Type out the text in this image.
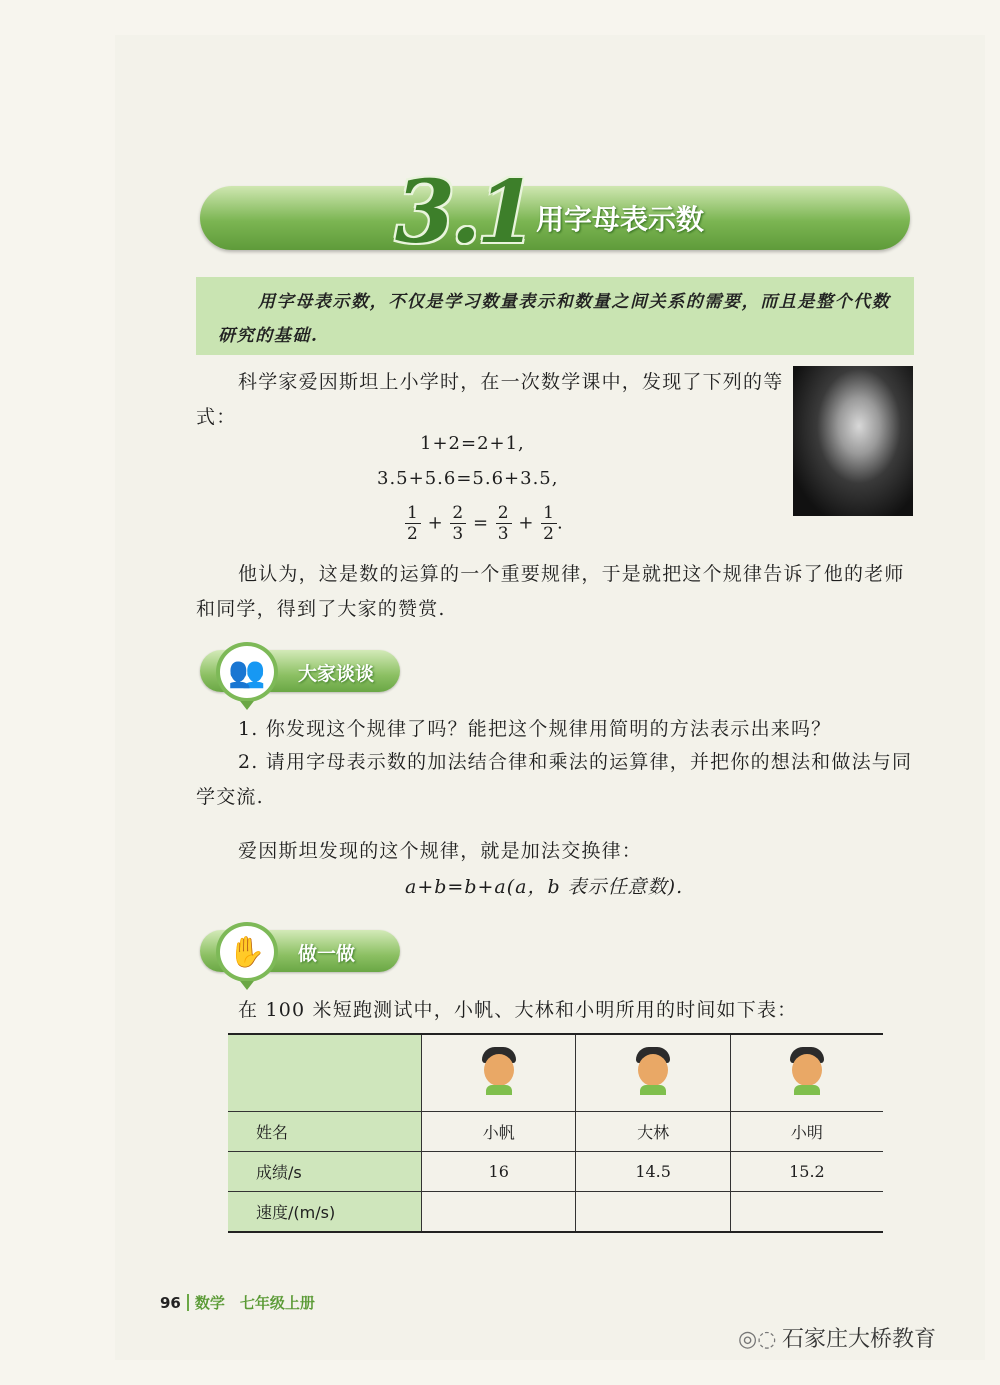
3.1 用字母表示数

用字母表示数，不仅是学习数量表示和数量之间关系的需要，而且是整个代数研究的基础.

科学家爱因斯坦上小学时，在一次数学课中，发现了下列的等式：

1+2=2+1,
3.5+5.6=5.6+3.5,
$\frac{1}{2} + \frac{2}{3} = \frac{2}{3} + \frac{1}{2}$ .

他认为，这是数的运算的一个重要规律，于是就把这个规律告诉了他的老师和同学，得到了大家的赞赏.

👥	大家谈谈

1. 你发现这个规律了吗？能把这个规律用简明的方法表示出来吗？

2. 请用字母表示数的加法结合律和乘法的运算律，并把你的想法和做法与同学交流.

爱因斯坦发现的这个规律，就是加法交换律：

a+b=b+a(a，b 表示任意数).
✋	做一做

在 100 米短跑测试中，小帆、大林和小明所用的时间如下表：

姓名	小帆	大林	小明
成绩/s	16	14.5	15.2
速度/(m/s)			
96 数学　七年级上册
◎◌ 石家庄大桥教育
